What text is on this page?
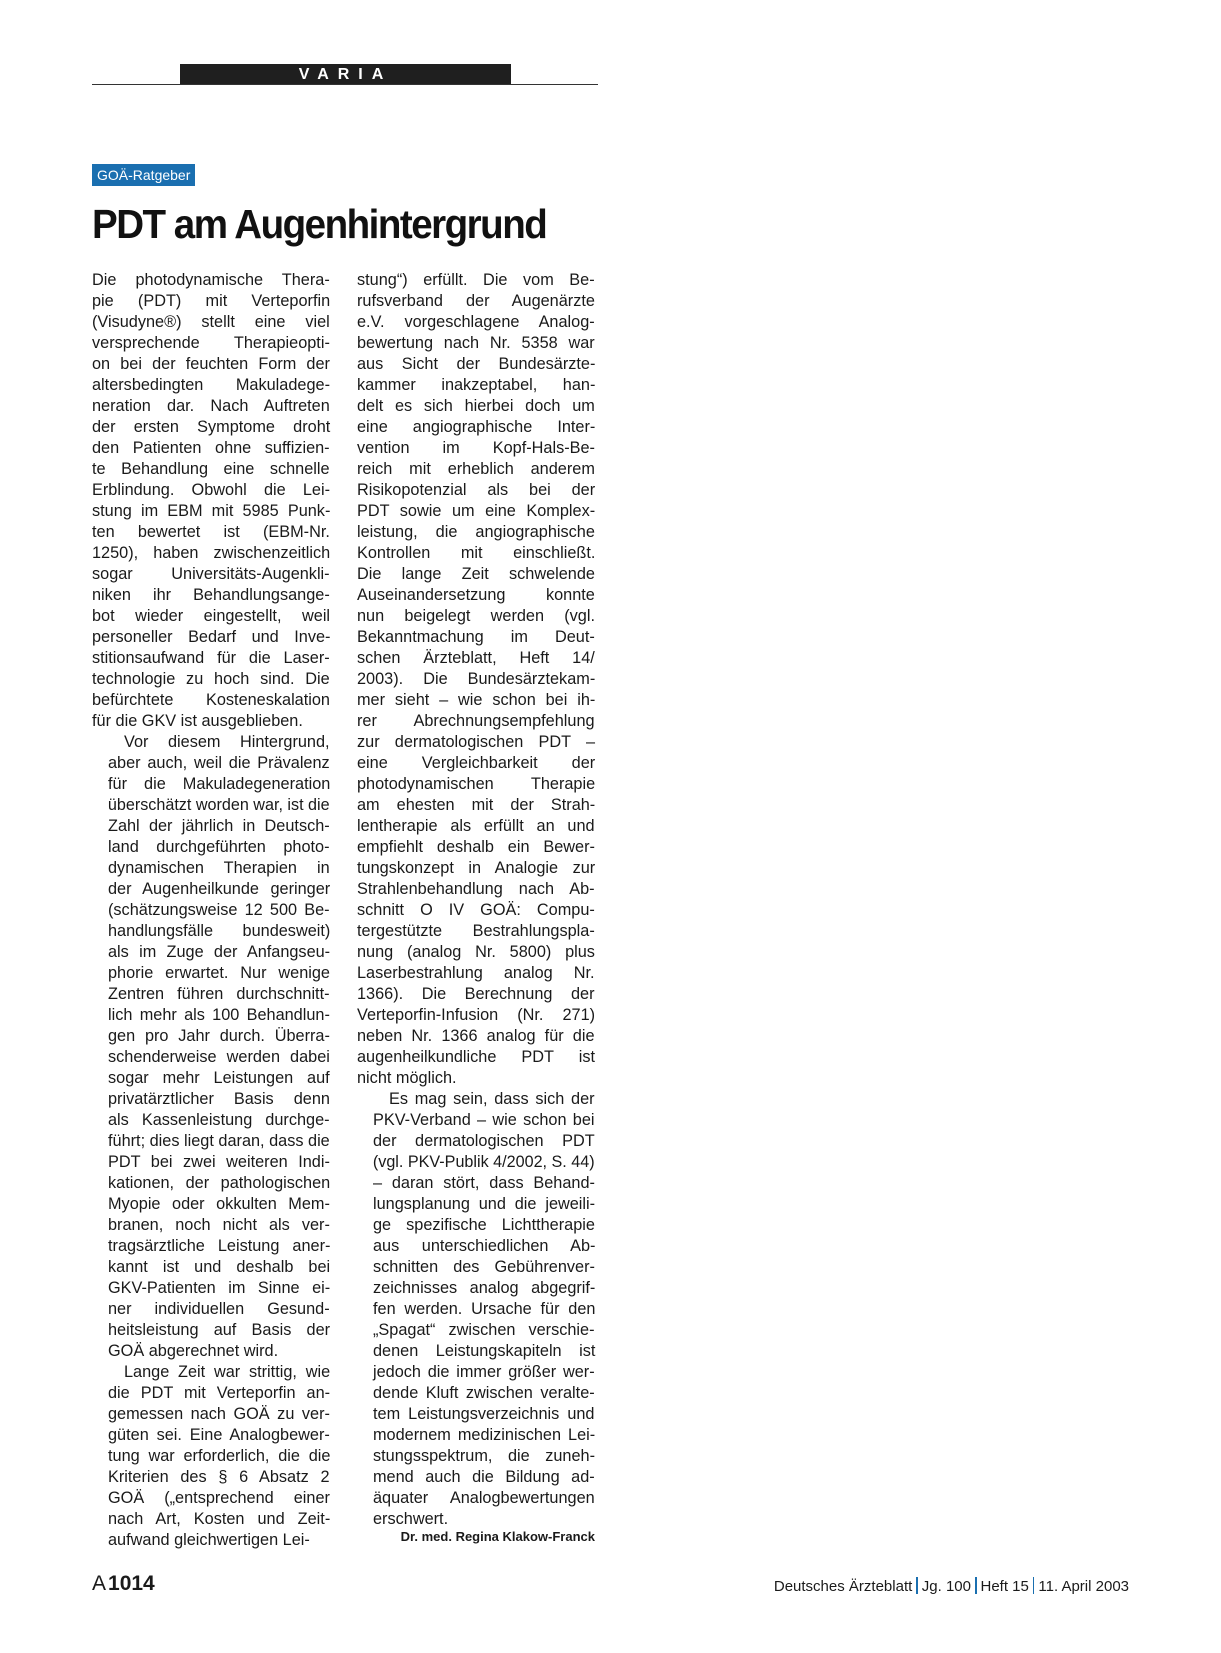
VARIA
GOÄ-Ratgeber
PDT am Augenhintergrund

Die photodynamische Thera-
pie (PDT) mit Verteporfin
(Visudyne®) stellt eine viel
versprechende Therapieopti-
on bei der feuchten Form der
altersbedingten Makuladege-
neration dar. Nach Auftreten
der ersten Symptome droht
den Patienten ohne suffizien-
te Behandlung eine schnelle
Erblindung. Obwohl die Lei-
stung im EBM mit 5985 Punk-
ten bewertet ist (EBM-Nr.
1250), haben zwischenzeitlich
sogar Universitäts-Augenkli-
niken ihr Behandlungsange-
bot wieder eingestellt, weil
personeller Bedarf und Inve-
stitionsaufwand für die Laser-
technologie zu hoch sind. Die
befürchtete Kosteneskalation
für die GKV ist ausgeblieben.

Vor diesem Hintergrund,
aber auch, weil die Prävalenz
für die Makuladegeneration
überschätzt worden war, ist die
Zahl der jährlich in Deutsch-
land durchgeführten photo-
dynamischen Therapien in
der Augenheilkunde geringer
(schätzungsweise 12 500 Be-
handlungsfälle bundesweit)
als im Zuge der Anfangseu-
phorie erwartet. Nur wenige
Zentren führen durchschnitt-
lich mehr als 100 Behandlun-
gen pro Jahr durch. Überra-
schenderweise werden dabei
sogar mehr Leistungen auf
privatärztlicher Basis denn
als Kassenleistung durchge-
führt; dies liegt daran, dass die
PDT bei zwei weiteren Indi-
kationen, der pathologischen
Myopie oder okkulten Mem-
branen, noch nicht als ver-
tragsärztliche Leistung aner-
kannt ist und deshalb bei
GKV-Patienten im Sinne ei-
ner individuellen Gesund-
heitsleistung auf Basis der
GOÄ abgerechnet wird.

Lange Zeit war strittig, wie
die PDT mit Verteporfin an-
gemessen nach GOÄ zu ver-
güten sei. Eine Analogbewer-
tung war erforderlich, die die
Kriterien des § 6 Absatz 2
GOÄ („entsprechend einer
nach Art, Kosten und Zeit-
aufwand gleichwertigen Lei-

stung“) erfüllt. Die vom Be-
rufsverband der Augenärzte
e.V. vorgeschlagene Analog-
bewertung nach Nr. 5358 war
aus Sicht der Bundesärzte-
kammer inakzeptabel, han-
delt es sich hierbei doch um
eine angiographische Inter-
vention im Kopf-Hals-Be-
reich mit erheblich anderem
Risikopotenzial als bei der
PDT sowie um eine Komplex-
leistung, die angiographische
Kontrollen mit einschließt.
Die lange Zeit schwelende
Auseinandersetzung konnte
nun beigelegt werden (vgl.
Bekanntmachung im Deut-
schen Ärzteblatt, Heft 14/
2003). Die Bundesärztekam-
mer sieht – wie schon bei ih-
rer Abrechnungsempfehlung
zur dermatologischen PDT –
eine Vergleichbarkeit der
photodynamischen Therapie
am ehesten mit der Strah-
lentherapie als erfüllt an und
empfiehlt deshalb ein Bewer-
tungskonzept in Analogie zur
Strahlenbehandlung nach Ab-
schnitt O IV GOÄ: Compu-
tergestützte Bestrahlungspla-
nung (analog Nr. 5800) plus
Laserbestrahlung analog Nr.
1366). Die Berechnung der
Verteporfin-Infusion (Nr. 271)
neben Nr. 1366 analog für die
augenheilkundliche PDT ist
nicht möglich.

Es mag sein, dass sich der
PKV-Verband – wie schon bei
der dermatologischen PDT
(vgl. PKV-Publik 4/2002, S. 44)
– daran stört, dass Behand-
lungsplanung und die jeweili-
ge spezifische Lichttherapie
aus unterschiedlichen Ab-
schnitten des Gebührenver-
zeichnisses analog abgegrif-
fen werden. Ursache für den
„Spagat“ zwischen verschie-
denen Leistungskapiteln ist
jedoch die immer größer wer-
dende Kluft zwischen veralte-
tem Leistungsverzeichnis und
modernem medizinischen Lei-
stungsspektrum, die zuneh-
mend auch die Bildung ad-
äquater Analogbewertungen
erschwert.

Dr. med. Regina Klakow-Franck
A1014	Deutsches Ärzteblatt Jg. 100 Heft 15 11. April 2003
